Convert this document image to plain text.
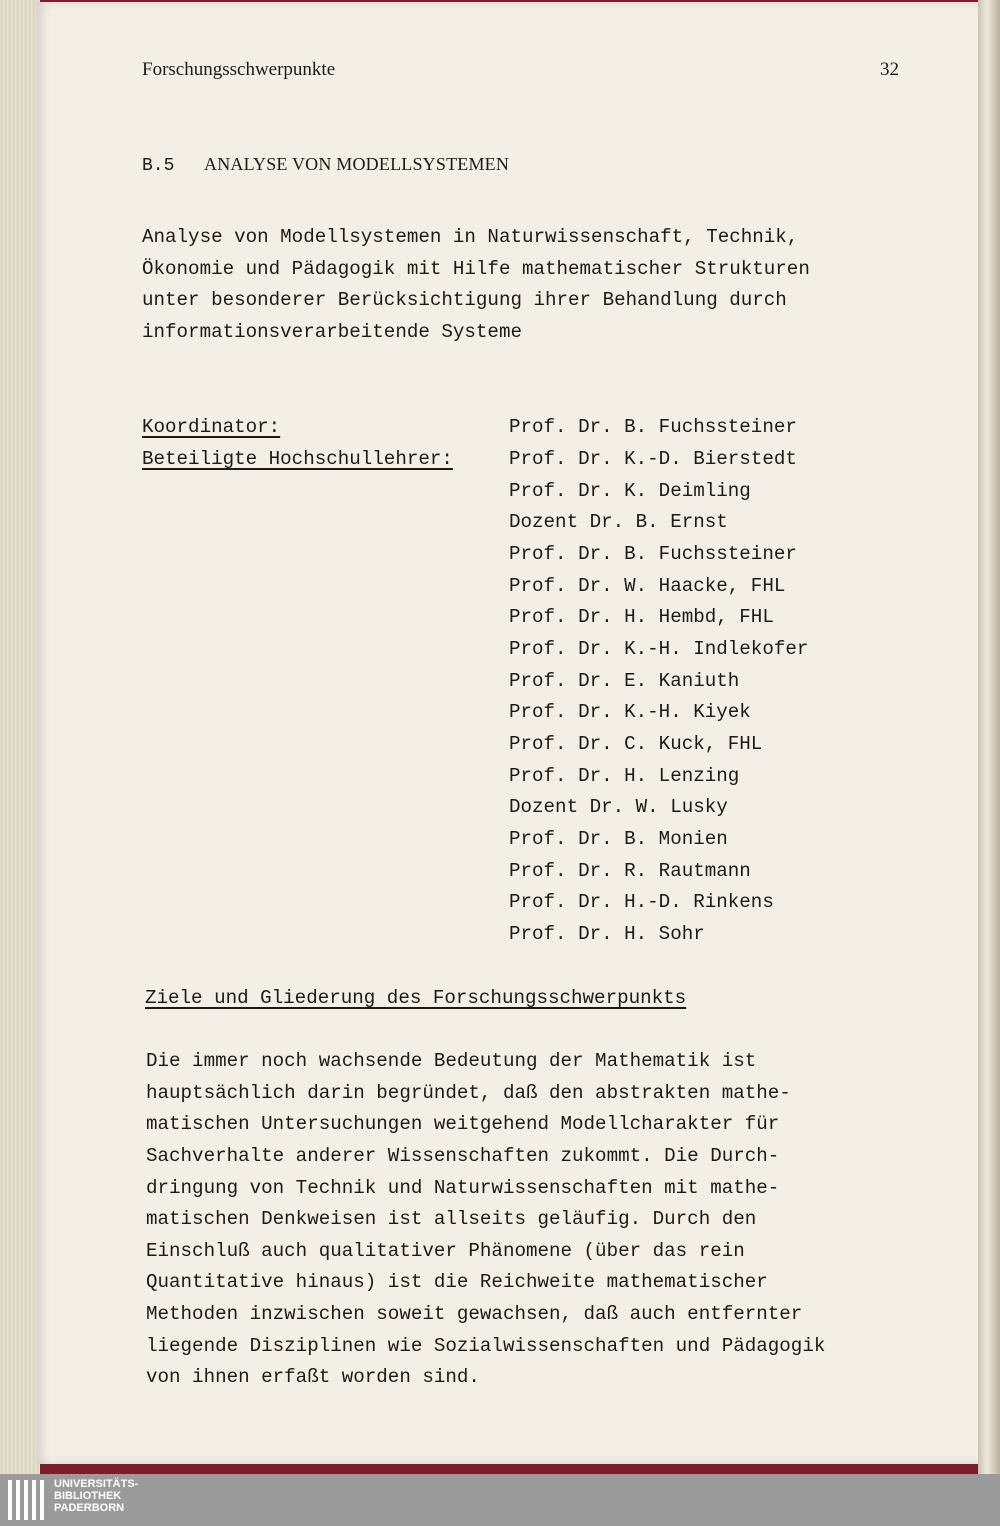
Forschungsschwerpunkte	32
B.5 ANALYSE VON MODELLSYSTEMEN
Analyse von Modellsystemen in Naturwissenschaft, Technik,
Ökonomie und Pädagogik mit Hilfe mathematischer Strukturen
unter besonderer Berücksichtigung ihrer Behandlung durch
informationsverarbeitende Systeme
Koordinator:	Prof. Dr. B. Fuchssteiner
Beteiligte Hochschullehrer:	Prof. Dr. K.-D. Bierstedt
Prof. Dr. K. Deimling
Dozent Dr. B. Ernst
Prof. Dr. B. Fuchssteiner
Prof. Dr. W. Haacke, FHL
Prof. Dr. H. Hembd, FHL
Prof. Dr. K.-H. Indlekofer
Prof. Dr. E. Kaniuth
Prof. Dr. K.-H. Kiyek
Prof. Dr. C. Kuck, FHL
Prof. Dr. H. Lenzing
Dozent Dr. W. Lusky
Prof. Dr. B. Monien
Prof. Dr. R. Rautmann
Prof. Dr. H.-D. Rinkens
Prof. Dr. H. Sohr
Ziele und Gliederung des Forschungsschwerpunkts
Die immer noch wachsende Bedeutung der Mathematik ist
hauptsächlich darin begründet, daß den abstrakten mathe-
matischen Untersuchungen weitgehend Modellcharakter für
Sachverhalte anderer Wissenschaften zukommt. Die Durch-
dringung von Technik und Naturwissenschaften mit mathe-
matischen Denkweisen ist allseits geläufig. Durch den
Einschluß auch qualitativer Phänomene (über das rein
Quantitative hinaus) ist die Reichweite mathematischer
Methoden inzwischen soweit gewachsen, daß auch entfernter
liegende Disziplinen wie Sozialwissenschaften und Pädagogik
von ihnen erfaßt worden sind.
UNIVERSITÄTS-
BIBLIOTHEK
PADERBORN
